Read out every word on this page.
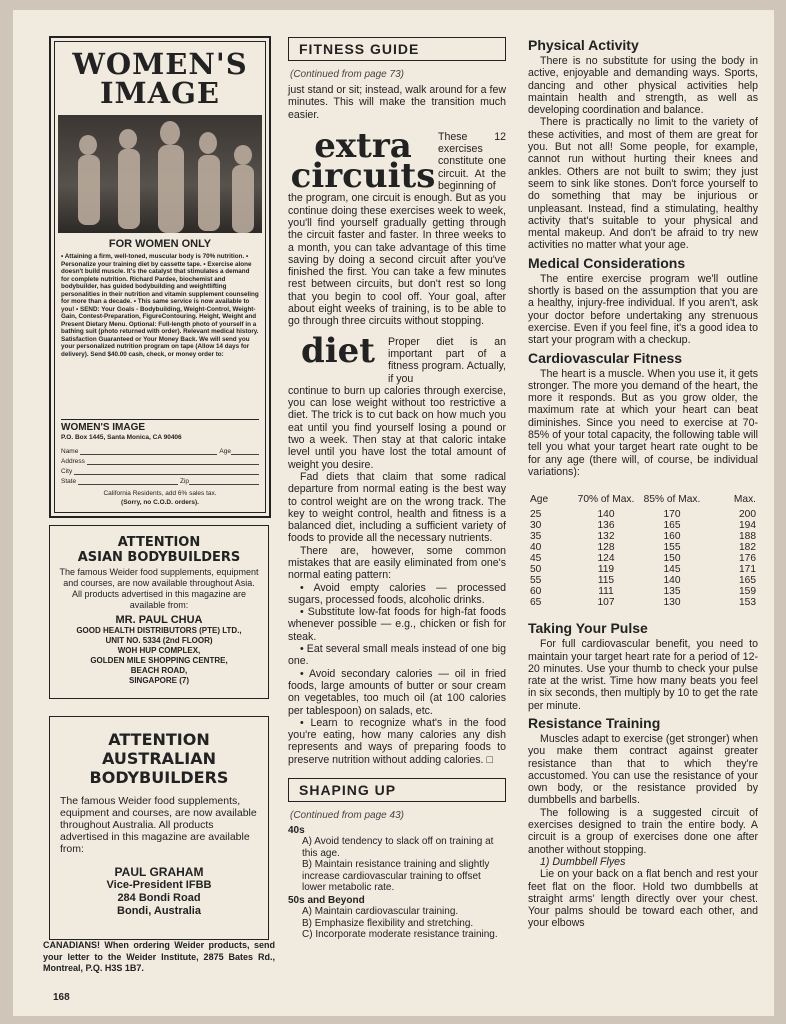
WOMEN'S
IMAGE
FOR WOMEN ONLY
• Attaining a firm, well-toned, muscular body is 70% nutrition. • Personalize your training diet by cassette tape. • Exercise alone doesn't build muscle. It's the catalyst that stimulates a demand for complete nutrition. Richard Pardee, biochemist and bodybuilder, has guided bodybuilding and weightlifting personalities in their nutrition and vitamin supplement counseling for more than a decade. • This same service is now available to you! • SEND: Your Goals - Bodybuilding, Weight-Control, Weight-Gain, Contest-Preparation, FigureContouring. Height, Weight and Present Dietary Menu. Optional: Full-length photo of yourself in a bathing suit (photo returned with order). Relevant medical history. Satisfaction Guaranteed or Your Money Back. We will send you your personalized nutrition program on tape (Allow 14 days for delivery). Send $40.00 cash, check, or money order to:
WOMEN'S IMAGE
P.O. Box 1445, Santa Monica, CA 90406
Name	Age
Address
City
State	Zip
California Residents, add 6% sales tax.
(Sorry, no C.O.D. orders).
ATTENTION
ASIAN BODYBUILDERS
The famous Weider food supplements, equipment and courses, are now available throughout Asia. All products advertised in this magazine are available from:
MR. PAUL CHUA
GOOD HEALTH DISTRIBUTORS (PTE) LTD.,
UNIT NO. 5334 (2nd FLOOR)
WOH HUP COMPLEX,
GOLDEN MILE SHOPPING CENTRE,
BEACH ROAD,
SINGAPORE (7)
ATTENTION
AUSTRALIAN
BODYBUILDERS
The famous Weider food supplements, equipment and courses, are now available throughout Australia. All products advertised in this magazine are available from:
PAUL GRAHAM
Vice-President IFBB
284 Bondi Road
Bondi, Australia
CANADIANS! When ordering Weider products, send your letter to the Weider Institute, 2875 Bates Rd., Montreal, P.Q. H3S 1B7.
168
FITNESS GUIDE
(Continued from page 73)

just stand or sit; instead, walk around for a few minutes. This will make the transition much easier.

extra
circuits

These 12 exercises constitute one circuit. At the beginning of

the program, one circuit is enough. But as you continue doing these exercises week to week, you'll find yourself gradually getting through the circuit faster and faster. In three weeks to a month, you can take advantage of this time saving by doing a second circuit after you've finished the first. You can take a few minutes rest between circuits, but don't rest so long that you begin to cool off. Your goal, after about eight weeks of training, is to be able to go through three circuits without stopping.

diet	Proper diet is an important part of a fitness program. Actually, if you

continue to burn up calories through exercise, you can lose weight without too restrictive a diet. The trick is to cut back on how much you eat until you find yourself losing a pound or two a week. Then stay at that caloric intake level until you have lost the total amount of weight you desire.

Fad diets that claim that some radical departure from normal eating is the best way to control weight are on the wrong track. The key to weight control, health and fitness is a balanced diet, including a sufficient variety of foods to provide all the necessary nutrients.

There are, however, some common mistakes that are easily eliminated from one's normal eating pattern:

• Avoid empty calories — processed sugars, processed foods, alcoholic drinks.

• Substitute low-fat foods for high-fat foods whenever possible — e.g., chicken or fish for steak.

• Eat several small meals instead of one big one.

• Avoid secondary calories — oil in fried foods, large amounts of butter or sour cream on vegetables, too much oil (at 100 calories per tablespoon) on salads, etc.

• Learn to recognize what's in the food you're eating, how many calories any dish represents and ways of preparing foods to preserve nutrition without adding calories. □

SHAPING UP
(Continued from page 43)
40s
A) Avoid tendency to slack off on training at this age.
B) Maintain resistance training and slightly increase cardiovascular training to offset lower metabolic rate.
50s and Beyond
A) Maintain cardiovascular training.
B) Emphasize flexibility and stretching.
C) Incorporate moderate resistance training.
Physical Activity

There is no substitute for using the body in active, enjoyable and demanding ways. Sports, dancing and other physical activities help maintain health and strength, as well as developing coordination and balance.

There is practically no limit to the variety of these activities, and most of them are great for you. But not all! Some people, for example, cannot run without hurting their knees and ankles. Others are not built to swim; they just seem to sink like stones. Don't force yourself to do something that may be injurious or unpleasant. Instead, find a stimulating, healthy activity that's suitable to your physical and mental makeup. And don't be afraid to try new activities no matter what your age.

Medical Considerations

The entire exercise program we'll outline shortly is based on the assumption that you are a healthy, injury-free individual. If you aren't, ask your doctor before undertaking any strenuous exercise. Even if you feel fine, it's a good idea to start your program with a checkup.

Cardiovascular Fitness

The heart is a muscle. When you use it, it gets stronger. The more you demand of the heart, the more it responds. But as you grow older, the maximum rate at which your heart can beat diminishes. Since you need to exercise at 70-85% of your total capacity, the following table will tell you what your target heart rate ought to be for any age (there will, of course, be individual variations):

Age	70% of Max.	85% of Max.	Max.
25	140	170	200
30	136	165	194
35	132	160	188
40	128	155	182
45	124	150	176
50	119	145	171
55	115	140	165
60	111	135	159
65	107	130	153
Taking Your Pulse

For full cardiovascular benefit, you need to maintain your target heart rate for a period of 12-20 minutes. Use your thumb to check your pulse rate at the wrist. Time how many beats you feel in six seconds, then multiply by 10 to get the rate per minute.

Resistance Training

Muscles adapt to exercise (get stronger) when you make them contract against greater resistance than that to which they're accustomed. You can use the resistance of your own body, or the resistance provided by dumbbells and barbells.

The following is a suggested circuit of exercises designed to train the entire body. A circuit is a group of exercises done one after another without stopping.

1) Dumbbell Flyes

Lie on your back on a flat bench and rest your feet flat on the floor. Hold two dumbbells at straight arms' length directly over your chest. Your palms should be toward each other, and your elbows
